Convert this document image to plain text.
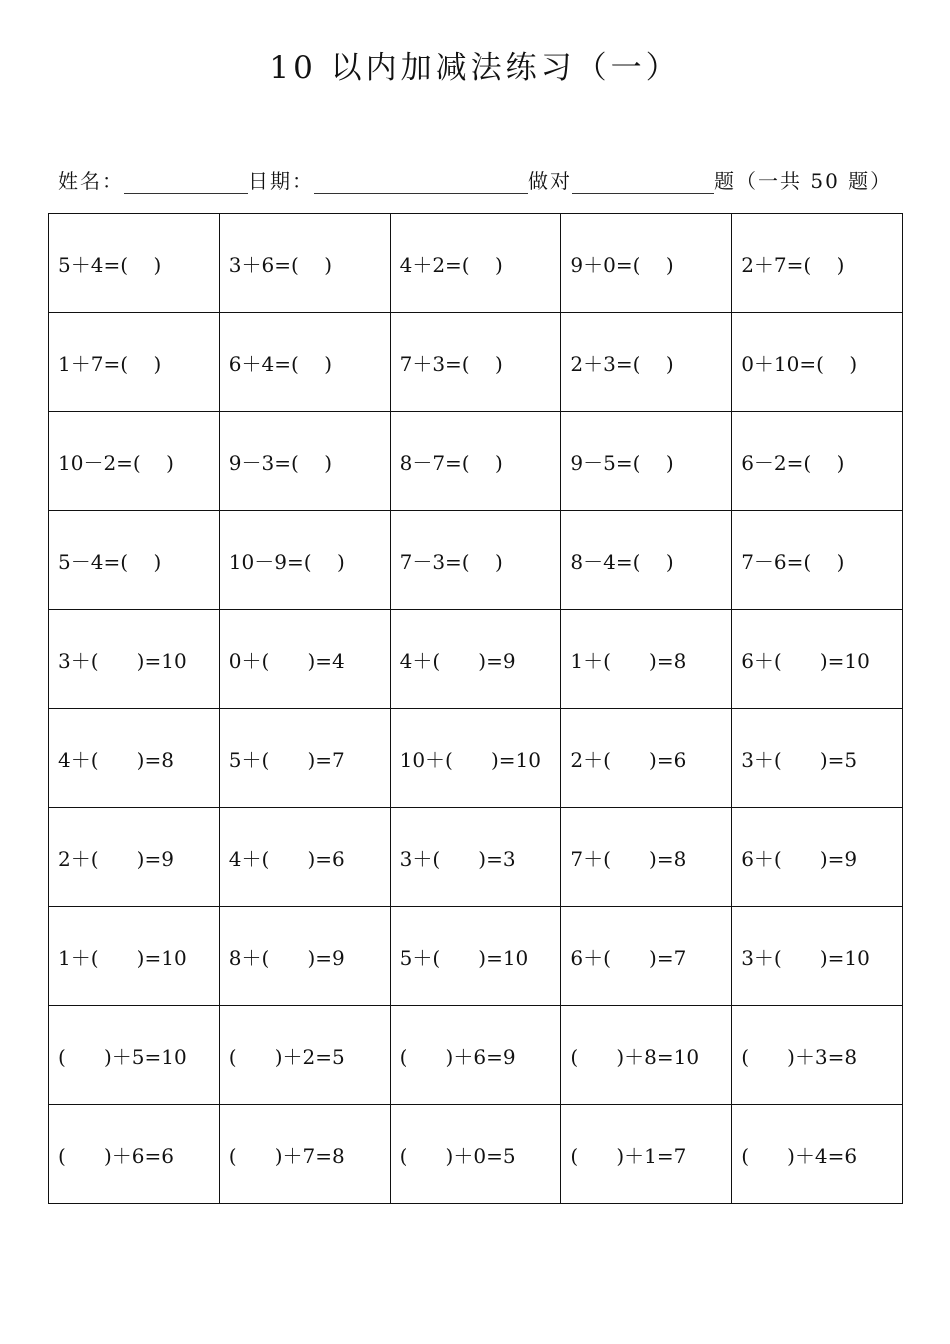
10 以内加减法练习（一）
姓名：	日期：	做对	题（一共 50 题）
5＋4=(    )	3＋6=(    )	4＋2=(    )	9＋0=(    )	2＋7=(    )
1＋7=(    )	6＋4=(    )	7＋3=(    )	2＋3=(    )	0＋10=(    )
10－2=(    )	9－3=(    )	8－7=(    )	9－5=(    )	6－2=(    )
5－4=(    )	10－9=(    )	7－3=(    )	8－4=(    )	7－6=(    )
3＋(      )=10	0＋(      )=4	4＋(      )=9	1＋(      )=8	6＋(      )=10
4＋(      )=8	5＋(      )=7	10＋(      )=10	2＋(      )=6	3＋(      )=5
2＋(      )=9	4＋(      )=6	3＋(      )=3	7＋(      )=8	6＋(      )=9
1＋(      )=10	8＋(      )=9	5＋(      )=10	6＋(      )=7	3＋(      )=10
(      )＋5=10	(      )＋2=5	(      )＋6=9	(      )＋8=10	(      )＋3=8
(      )＋6=6	(      )＋7=8	(      )＋0=5	(      )＋1=7	(      )＋4=6
